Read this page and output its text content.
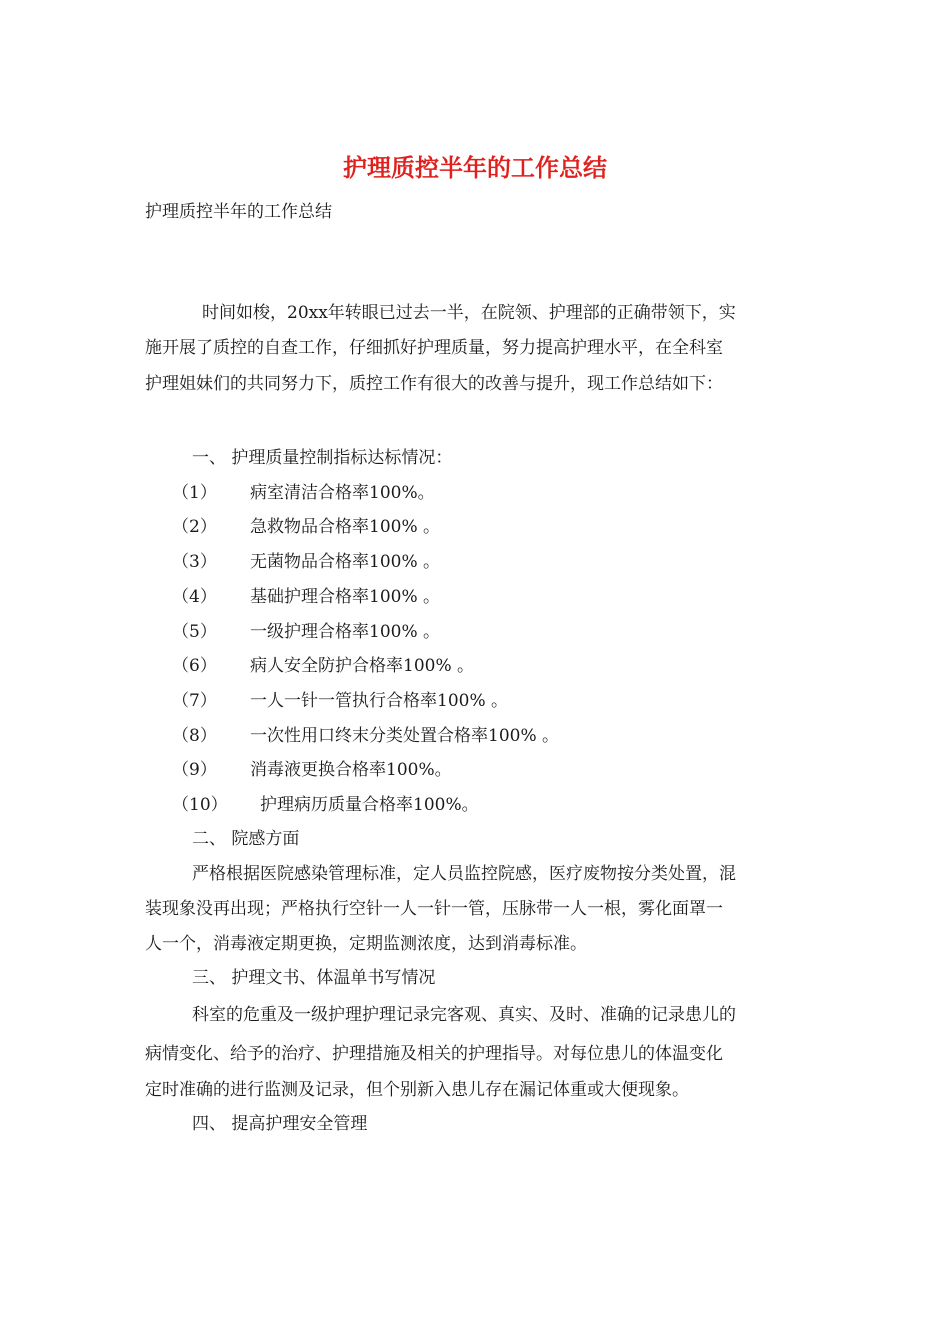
护理质控半年的工作总结
护理质控半年的工作总结
时间如梭，20xx年转眼已过去一半，在院领、护理部的正确带领下，实
施开展了质控的自查工作，仔细抓好护理质量，努力提高护理水平，在全科室
护理姐妹们的共同努力下，质控工作有很大的改善与提升，现工作总结如下：
一、 护理质量控制指标达标情况：
（1） 病室清洁合格率100%。
（2） 急救物品合格率100% 。
（3） 无菌物品合格率100% 。
（4） 基础护理合格率100% 。
（5） 一级护理合格率100% 。
（6） 病人安全防护合格率100% 。
（7） 一人一针一管执行合格率100% 。
（8） 一次性用口终末分类处置合格率100% 。
（9） 消毒液更换合格率100%。
（10） 护理病历质量合格率100%。
二、 院感方面
严格根据医院感染管理标准，定人员监控院感，医疗废物按分类处置，混
装现象没再出现；严格执行空针一人一针一管，压脉带一人一根，雾化面罩一
人一个，消毒液定期更换，定期监测浓度，达到消毒标准。
三、 护理文书、体温单书写情况
科室的危重及一级护理护理记录完客观、真实、及时、准确的记录患儿的
病情变化、给予的治疗、护理措施及相关的护理指导。对每位患儿的体温变化
定时准确的进行监测及记录，但个别新入患儿存在漏记体重或大便现象。
四、 提高护理安全管理
